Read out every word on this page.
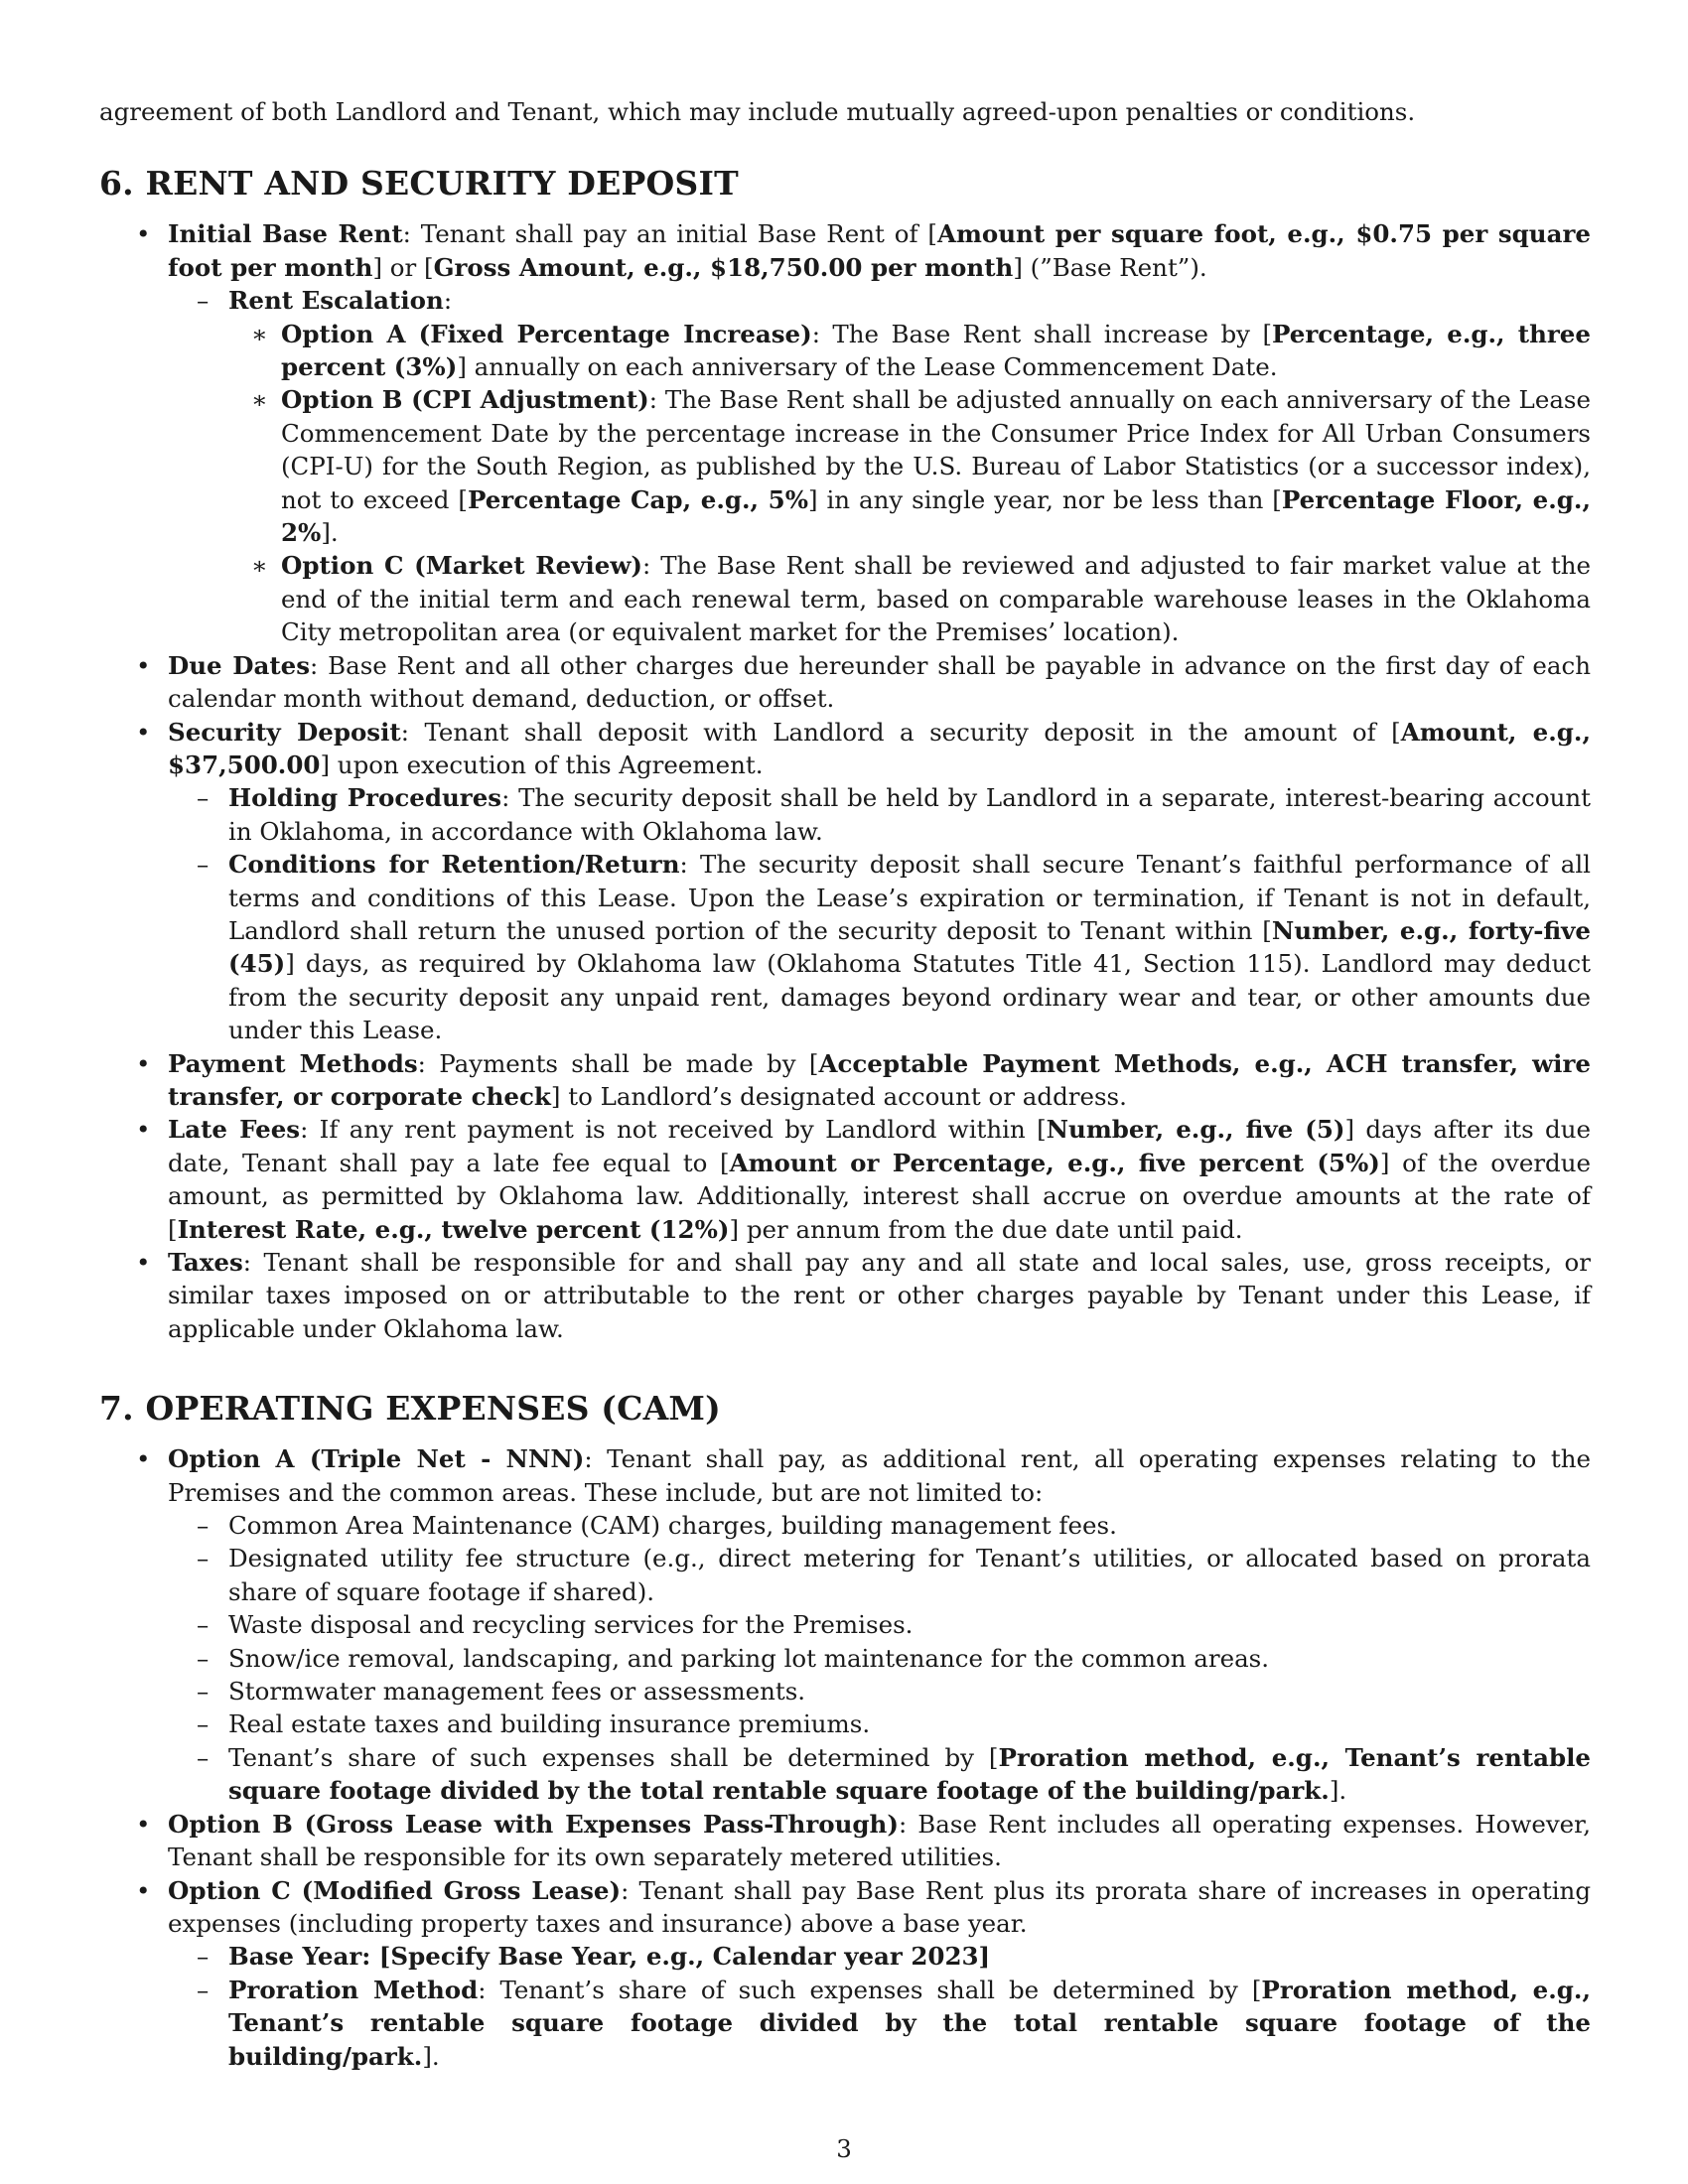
agreement of both Landlord and Tenant, which may include mutually agreed-upon penalties or conditions.

6. RENT AND SECURITY DEPOSIT
• Initial Base Rent: Tenant shall pay an initial Base Rent of [Amount per square foot, e.g., $0.75 per square foot per month] or [Gross Amount, e.g., $18,750.00 per month] (”Base Rent”).
– Rent Escalation:
∗ Option A (Fixed Percentage Increase): The Base Rent shall increase by [Percentage, e.g., three percent (3%)] annually on each anniversary of the Lease Commencement Date.
∗ Option B (CPI Adjustment): The Base Rent shall be adjusted annually on each anniversary of the Lease Commencement Date by the percentage increase in the Consumer Price Index for All Urban Consumers (CPI-U) for the South Region, as published by the U.S. Bureau of Labor Statistics (or a successor index), not to exceed [Percentage Cap, e.g., 5%] in any single year, nor be less than [Percentage Floor, e.g., 2%].
∗ Option C (Market Review): The Base Rent shall be reviewed and adjusted to fair market value at the end of the initial term and each renewal term, based on comparable warehouse leases in the Oklahoma City metropolitan area (or equivalent market for the Premises’ location).
• Due Dates: Base Rent and all other charges due hereunder shall be payable in advance on the first day of each calendar month without demand, deduction, or offset.
• Security Deposit: Tenant shall deposit with Landlord a security deposit in the amount of [Amount, e.g., $37,500.00] upon execution of this Agreement.
– Holding Procedures: The security deposit shall be held by Landlord in a separate, interest-bearing account in Oklahoma, in accordance with Oklahoma law.
– Conditions for Retention/Return: The security deposit shall secure Tenant’s faithful performance of all terms and conditions of this Lease. Upon the Lease’s expiration or termination, if Tenant is not in default, Landlord shall return the unused portion of the security deposit to Tenant within [Number, e.g., forty-five (45)] days, as required by Oklahoma law (Oklahoma Statutes Title 41, Section 115). Landlord may deduct from the security deposit any unpaid rent, damages beyond ordinary wear and tear, or other amounts due under this Lease.
• Payment Methods: Payments shall be made by [Acceptable Payment Methods, e.g., ACH transfer, wire transfer, or corporate check] to Landlord’s designated account or address.
• Late Fees: If any rent payment is not received by Landlord within [Number, e.g., five (5)] days after its due date, Tenant shall pay a late fee equal to [Amount or Percentage, e.g., five percent (5%)] of the overdue amount, as permitted by Oklahoma law. Additionally, interest shall accrue on overdue amounts at the rate of [Interest Rate, e.g., twelve percent (12%)] per annum from the due date until paid.
• Taxes: Tenant shall be responsible for and shall pay any and all state and local sales, use, gross receipts, or similar taxes imposed on or attributable to the rent or other charges payable by Tenant under this Lease, if applicable under Oklahoma law.
7. OPERATING EXPENSES (CAM)
• Option A (Triple Net - NNN): Tenant shall pay, as additional rent, all operating expenses relating to the Premises and the common areas. These include, but are not limited to:
– Common Area Maintenance (CAM) charges, building management fees.
– Designated utility fee structure (e.g., direct metering for Tenant’s utilities, or allocated based on prorata share of square footage if shared).
– Waste disposal and recycling services for the Premises.
– Snow/ice removal, landscaping, and parking lot maintenance for the common areas.
– Stormwater management fees or assessments.
– Real estate taxes and building insurance premiums.
– Tenant’s share of such expenses shall be determined by [Proration method, e.g., Tenant’s rentable square footage divided by the total rentable square footage of the building/park.].
• Option B (Gross Lease with Expenses Pass-Through): Base Rent includes all operating expenses. However, Tenant shall be responsible for its own separately metered utilities.
• Option C (Modified Gross Lease): Tenant shall pay Base Rent plus its prorata share of increases in operating expenses (including property taxes and insurance) above a base year.
– Base Year: [Specify Base Year, e.g., Calendar year 2023]
– Proration Method: Tenant’s share of such expenses shall be determined by [Proration method, e.g., Tenant’s rentable square footage divided by the total rentable square footage of the building/park.].
3
